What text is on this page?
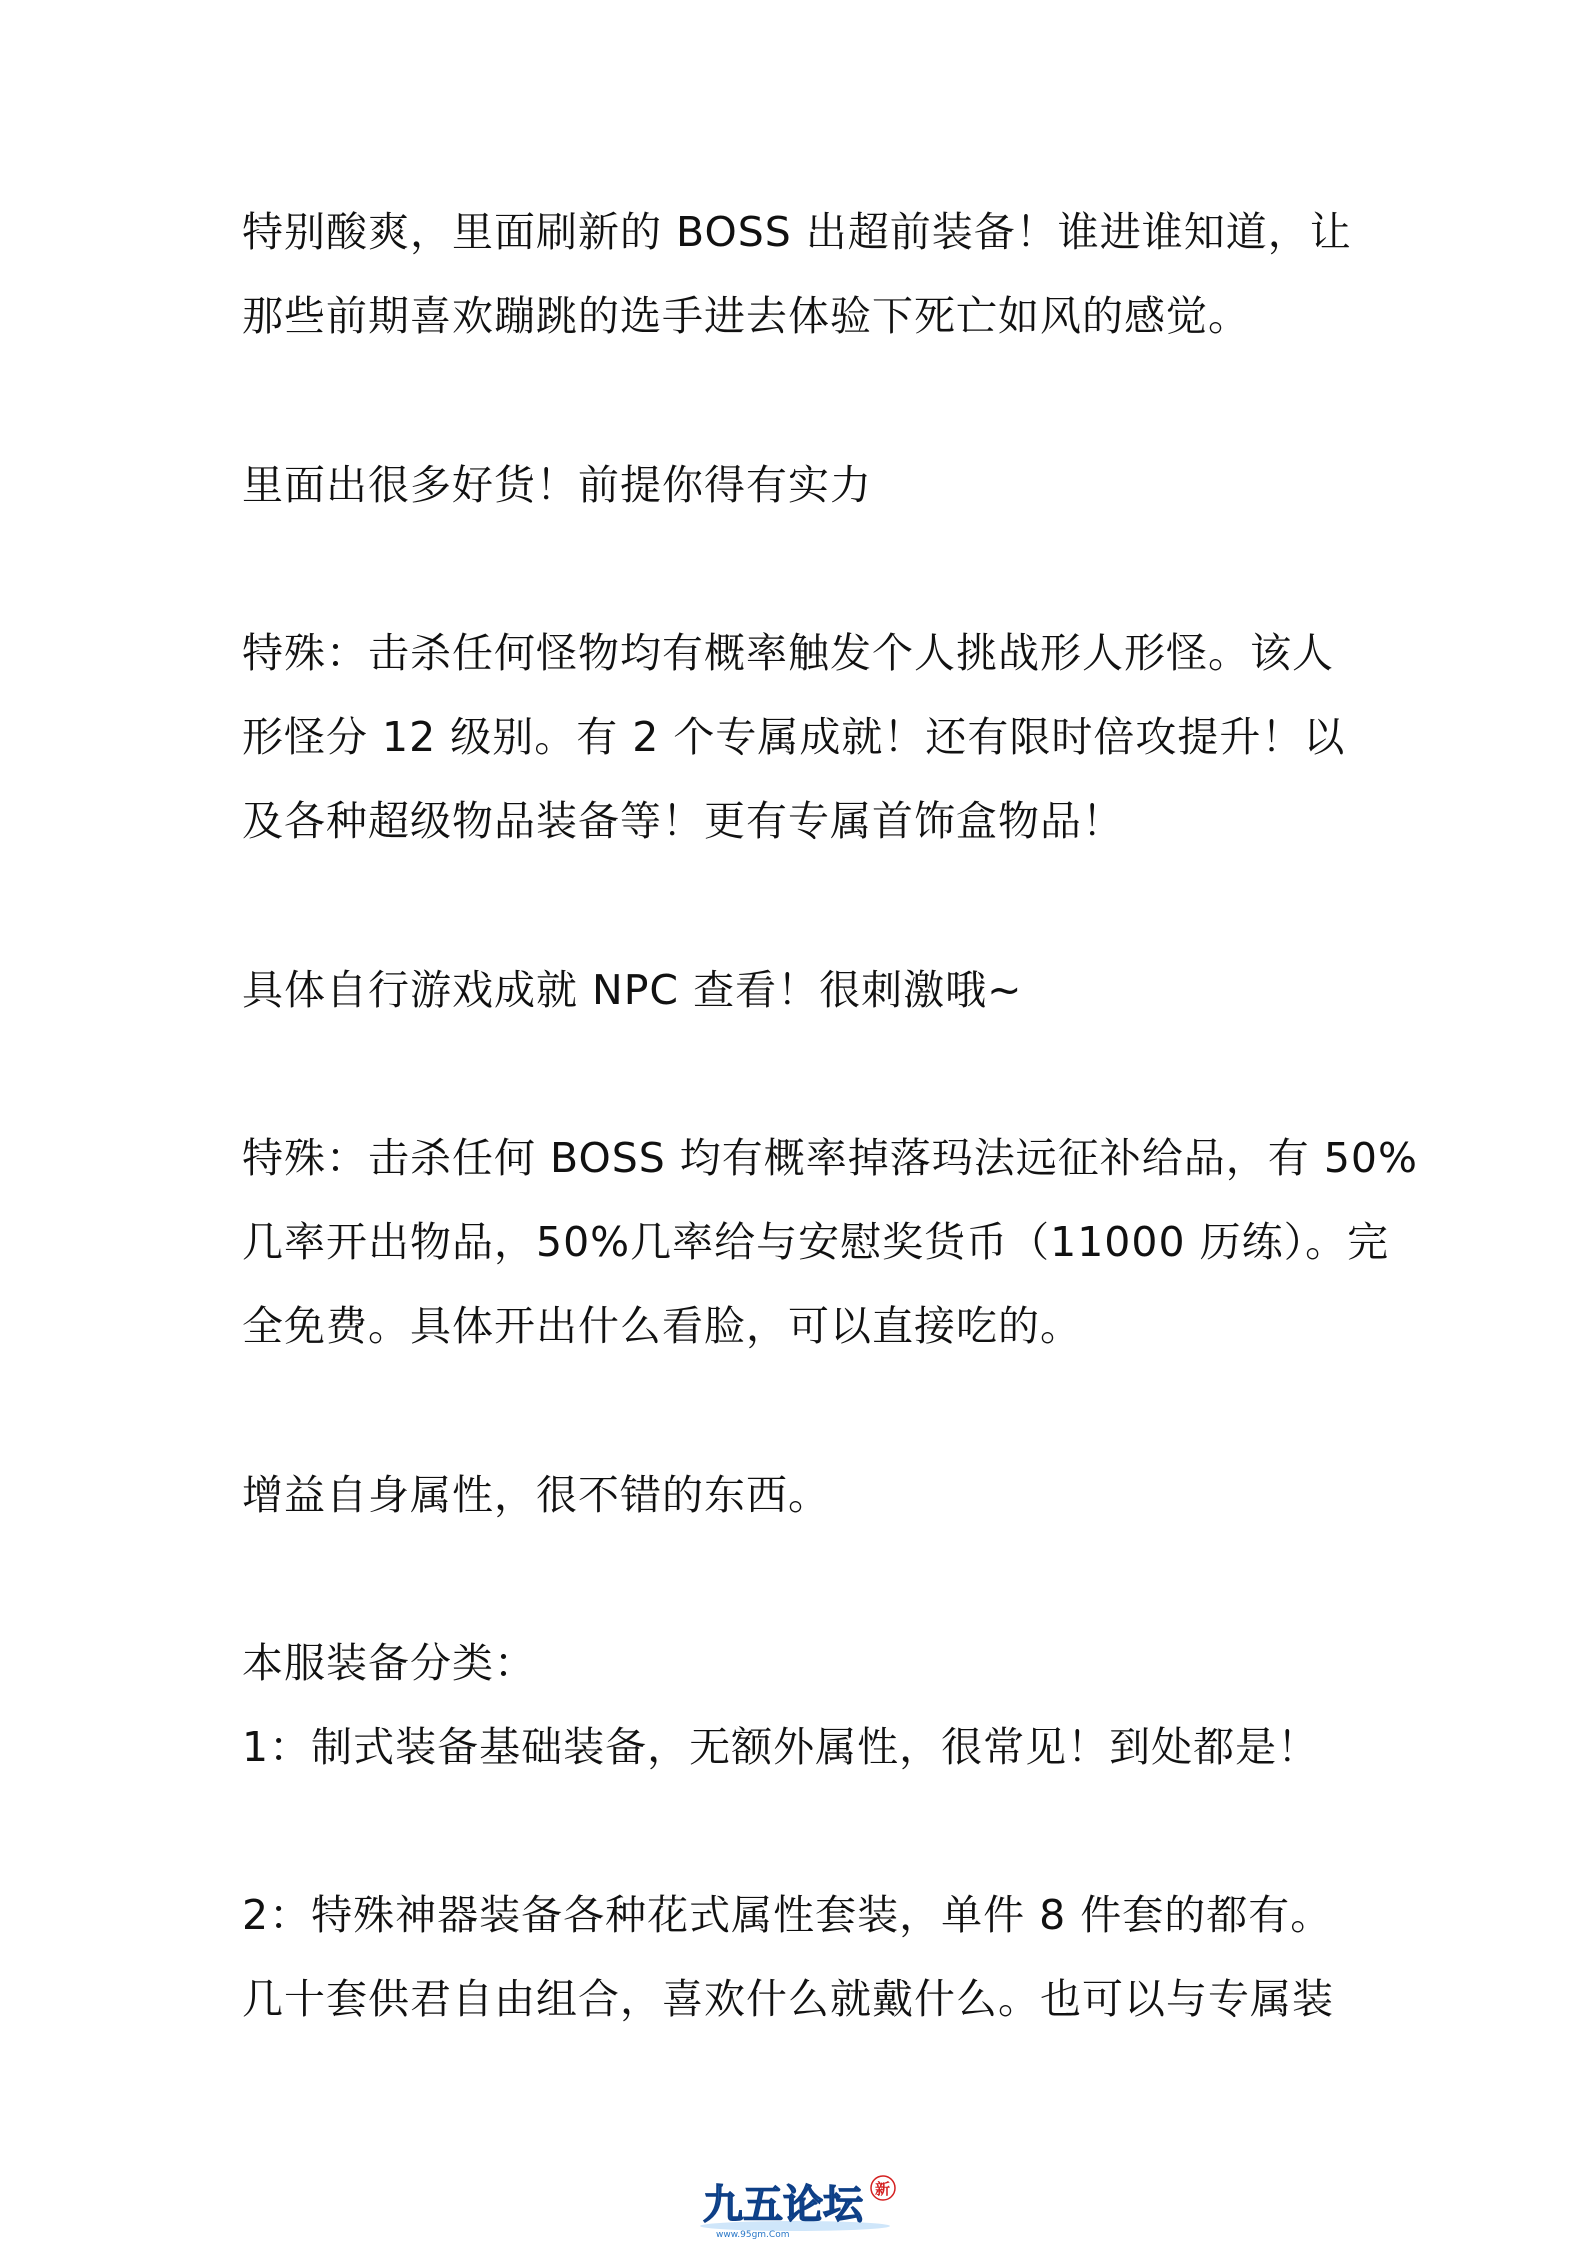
特别酸爽，里面刷新的 BOSS 出超前装备！谁进谁知道，让
那些前期喜欢蹦跳的选手进去体验下死亡如风的感觉。
里面出很多好货！前提你得有实力
特殊：击杀任何怪物均有概率触发个人挑战形人形怪。该人
形怪分 12 级别。有 2 个专属成就！还有限时倍攻提升！以
及各种超级物品装备等！更有专属首饰盒物品！
具体自行游戏成就 NPC 查看！很刺激哦~
特殊：击杀任何 BOSS 均有概率掉落玛法远征补给品，有 50%
几率开出物品，50%几率给与安慰奖货币（11000 历练）。完
全免费。具体开出什么看脸，可以直接吃的。
增益自身属性，很不错的东西。
本服装备分类：
1：制式装备基础装备，无额外属性，很常见！到处都是！
2：特殊神器装备各种花式属性套装，单件 8 件套的都有。
几十套供君自由组合，喜欢什么就戴什么。也可以与专属装
九五论坛 新
www.95gm.Com
